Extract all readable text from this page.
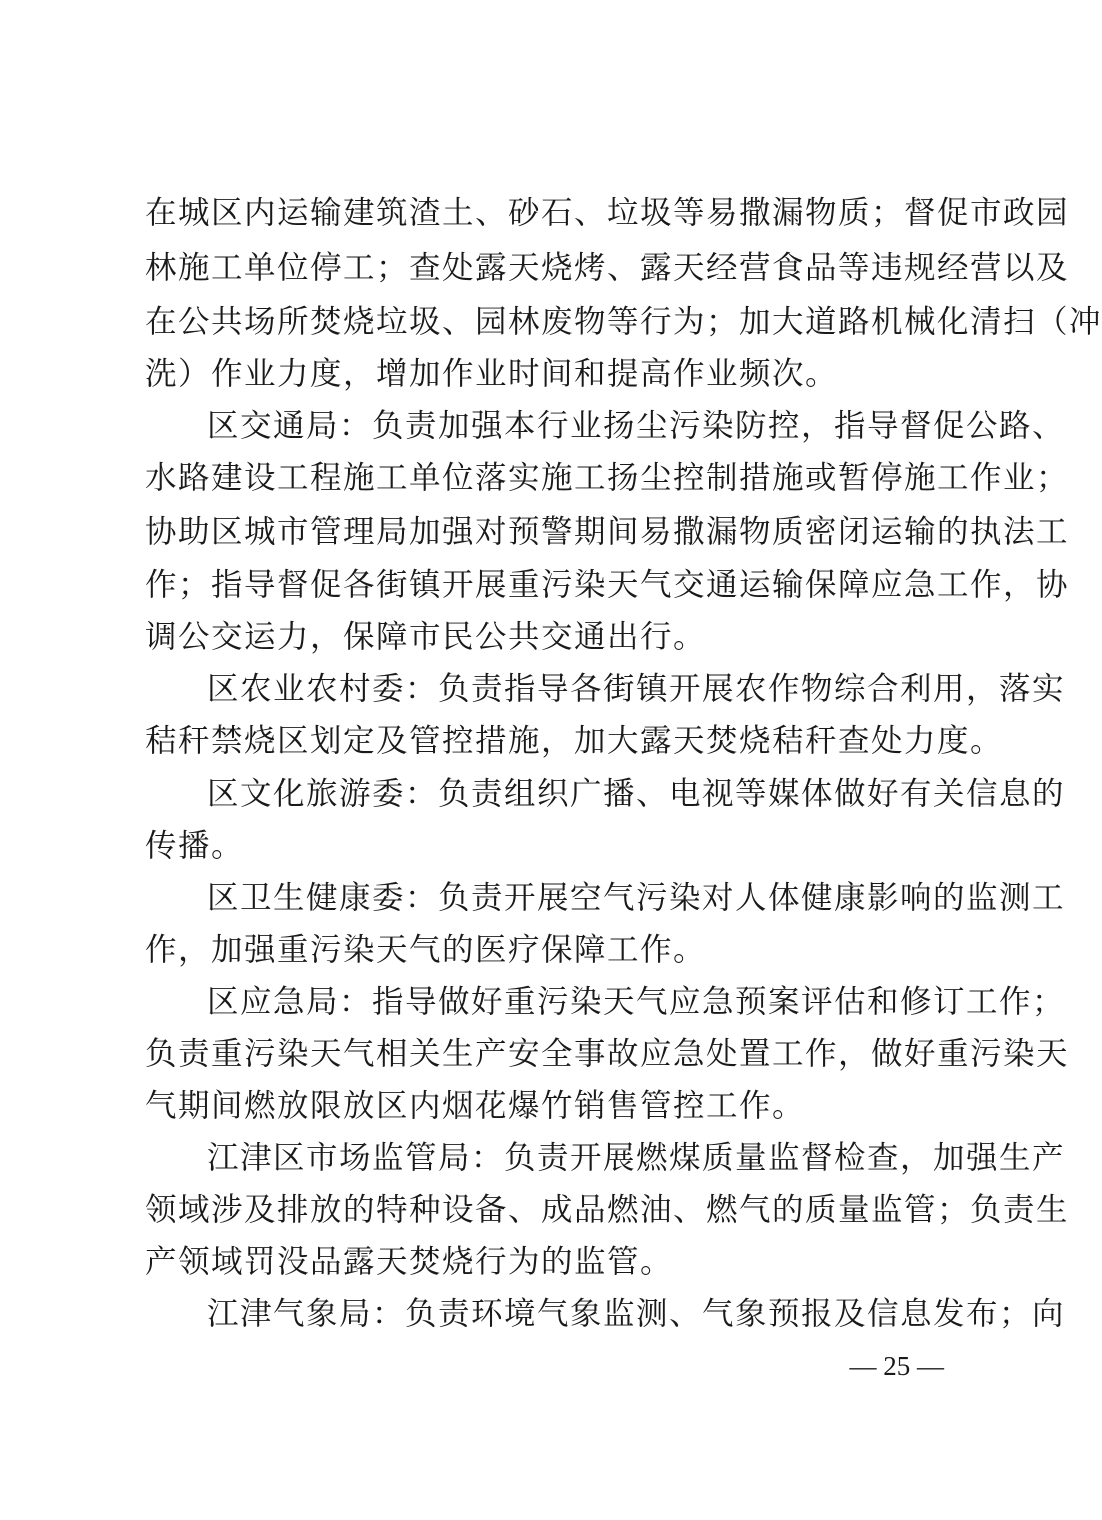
在城区内运输建筑渣土、砂石、垃圾等易撒漏物质；督促市政园
林施工单位停工；查处露天烧烤、露天经营食品等违规经营以及
在公共场所焚烧垃圾、园林废物等行为；加大道路机械化清扫（冲
洗）作业力度，增加作业时间和提高作业频次。
区交通局：负责加强本行业扬尘污染防控，指导督促公路、
水路建设工程施工单位落实施工扬尘控制措施或暂停施工作业；
协助区城市管理局加强对预警期间易撒漏物质密闭运输的执法工
作；指导督促各街镇开展重污染天气交通运输保障应急工作，协
调公交运力，保障市民公共交通出行。
区农业农村委：负责指导各街镇开展农作物综合利用，落实
秸秆禁烧区划定及管控措施，加大露天焚烧秸秆查处力度。
区文化旅游委：负责组织广播、电视等媒体做好有关信息的
传播。
区卫生健康委：负责开展空气污染对人体健康影响的监测工
作，加强重污染天气的医疗保障工作。
区应急局：指导做好重污染天气应急预案评估和修订工作；
负责重污染天气相关生产安全事故应急处置工作，做好重污染天
气期间燃放限放区内烟花爆竹销售管控工作。
江津区市场监管局：负责开展燃煤质量监督检查，加强生产
领域涉及排放的特种设备、成品燃油、燃气的质量监管；负责生
产领域罚没品露天焚烧行为的监管。
江津气象局：负责环境气象监测、气象预报及信息发布；向
— 25 —
